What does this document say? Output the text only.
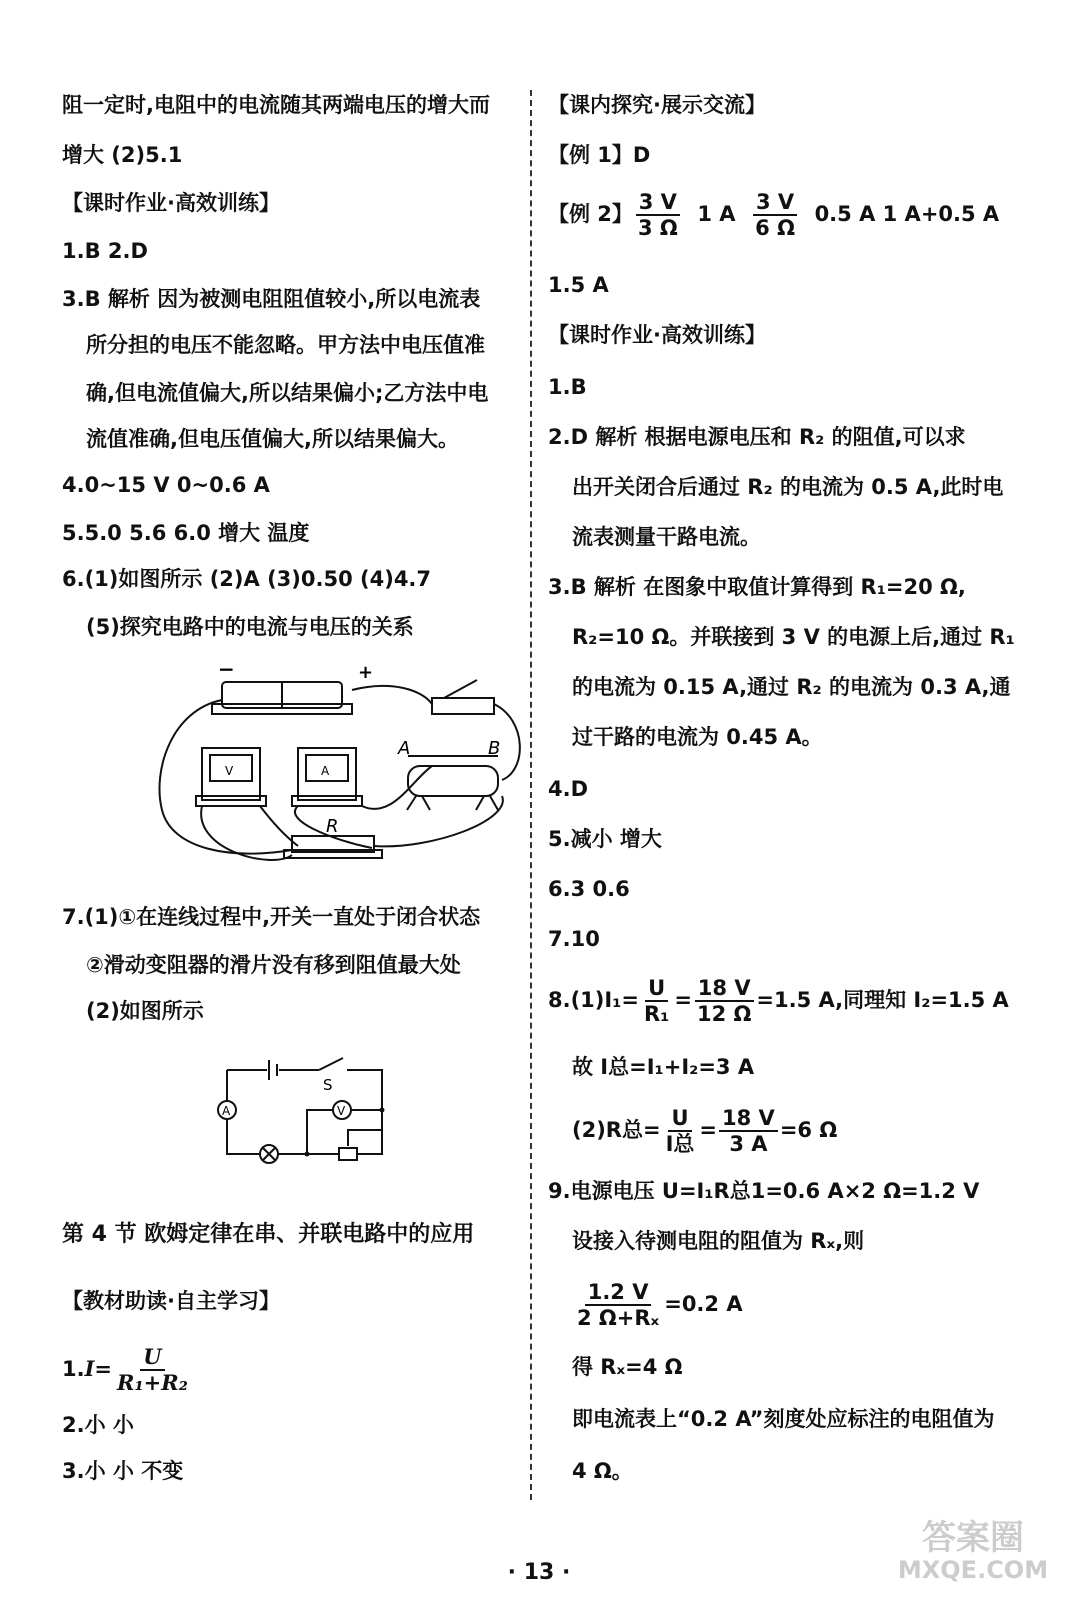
阻一定时,电阻中的电流随其两端电压的增大而
增大 (2)5.1
【课时作业·高效训练】
1.B 2.D
3.B 解析 因为被测电阻阻值较小,所以电流表
所分担的电压不能忽略。甲方法中电压值准
确,但电流值偏大,所以结果偏小;乙方法中电
流值准确,但电压值偏大,所以结果偏大。
4.0~15 V 0~0.6 A
5.5.0 5.6 6.0 增大 温度
6.(1)如图所示 (2)A (3)0.50 (4)4.7
(5)探究电路中的电流与电压的关系
−	+
V	A
A	B
R
7.(1)①在连线过程中,开关一直处于闭合状态
②滑动变阻器的滑片没有移到阻值最大处
(2)如图所示
S
A	V
第 4 节 欧姆定律在串、并联电路中的应用
【教材助读·自主学习】
$1.I= \frac{U}{\text{R₁+R₂}}$
2.小 小
3.小 小 不变
【课内探究·展示交流】
【例 1】D
【例 2】 $\frac{3 V}{3 \Omega} 1$ A $\frac{3 V}{6 \Omega} 0.5$ A 1 A+0.5 A
1.5 A
【课时作业·高效训练】
1.B
2.D 解析 根据电源电压和 R₂ 的阻值,可以求
出开关闭合后通过 R₂ 的电流为 0.5 A,此时电
流表测量干路电流。
3.B 解析 在图象中取值计算得到 R₁=20 Ω,
R₂=10 Ω。并联接到 3 V 的电源上后,通过 R₁
的电流为 0.15 A,通过 R₂ 的电流为 0.3 A,通
过干路的电流为 0.45 A。
4.D
5.减小 增大
6.3 0.6
7.10
$8.(1)I_1= \frac{U}{\text{R₁}} = \frac{18 V}{12 \Omega} =1.5$ A,同理知 I₂=1.5 A
故 I总=I₁+I₂=3 A
(2)R总= $\frac{U}{\text{I总}} = \frac{18 V}{3 A} =6$ Ω
9.电源电压 U=I₁R总1=0.6 A×2 Ω=1.2 V
设接入待测电阻的阻值为 Rₓ,则
$\frac{1.2 V}{\text{2 Ω+Rₓ}} =0.2$ A
得 Rₓ=4 Ω
即电流表上“0.2 A”刻度处应标注的电阻值为
4 Ω。
· 13 ·
答案圈
MXQE.COM
